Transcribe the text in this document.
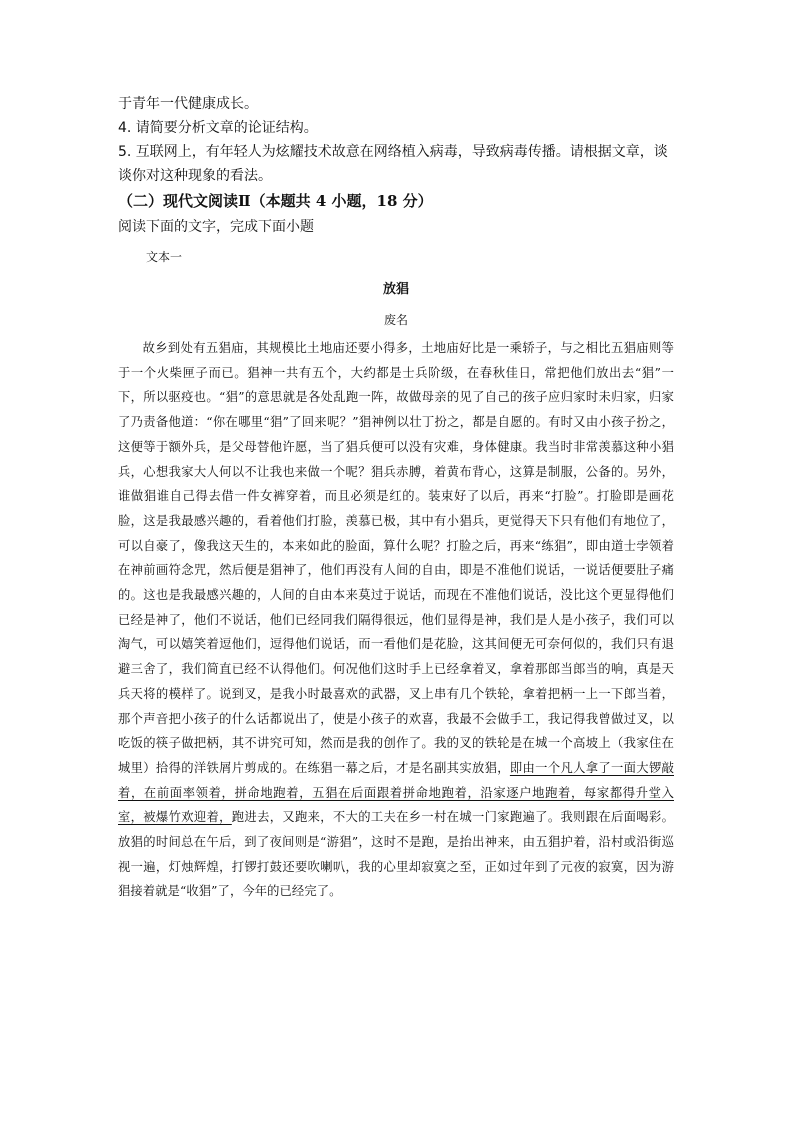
于青年一代健康成长。

4. 请简要分析文章的论证结构。

5. 互联网上，有年轻人为炫耀技术故意在网络植入病毒，导致病毒传播。请根据文章，谈谈你对这种现象的看法。

（二）现代文阅读Ⅱ（本题共 4 小题，18 分）

阅读下面的文字，完成下面小题

文本一

放猖

废名

故乡到处有五猖庙，其规模比土地庙还要小得多，土地庙好比是一乘轿子，与之相比五猖庙则等于一个火柴匣子而已。猖神一共有五个，大约都是士兵阶级，在春秋佳日，常把他们放出去“猖”一下，所以驱疫也。“猖”的意思就是各处乱跑一阵，故做母亲的见了自己的孩子应归家时未归家，归家了乃责备他道：“你在哪里“猖”了回来呢？”猖神例以壮丁扮之，都是自愿的。有时又由小孩子扮之，这便等于额外兵，是父母替他许愿，当了猖兵便可以没有灾难，身体健康。我当时非常羡慕这种小猖兵，心想我家大人何以不让我也来做一个呢？猖兵赤膊，着黄布背心，这算是制服，公备的。另外，谁做猖谁自己得去借一件女裤穿着，而且必须是红的。装束好了以后，再来“打脸”。打脸即是画花脸，这是我最感兴趣的，看着他们打脸，羡慕已极，其中有小猖兵，更觉得天下只有他们有地位了，可以自豪了，像我这天生的，本来如此的脸面，算什么呢？打脸之后，再来“练猖”，即由道士孛领着在神前画符念咒，然后便是猖神了，他们再没有人间的自由，即是不准他们说话，一说话便要肚子痛的。这也是我最感兴趣的，人间的自由本来莫过于说话，而现在不准他们说话，没比这个更显得他们已经是神了，他们不说话，他们已经同我们隔得很远，他们显得是神，我们是人是小孩子，我们可以淘气，可以嬉笑着逗他们，逗得他们说话，而一看他们是花脸，这其间便无可奈何似的，我们只有退避三舍了，我们简直已经不认得他们。何况他们这时手上已经拿着叉，拿着那郎当郎当的响，真是天兵天将的模样了。说到叉，是我小时最喜欢的武器，叉上串有几个铁轮，拿着把柄一上一下郎当着，那个声音把小孩子的什么话都说出了，使是小孩子的欢喜，我最不会做手工，我记得我曾做过叉，以吃饭的筷子做把柄，其不讲究可知，然而是我的创作了。我的叉的铁轮是在城一个高坡上（我家住在城里）拾得的洋铁屑片剪成的。在练猖一幕之后，才是名副其实放猖，即由一个凡人拿了一面大锣敲着，在前面率领着，拼命地跑着，五猖在后面跟着拼命地跑着，沿家逐户地跑着，每家都得升堂入室，被爆竹欢迎着，跑进去，又跑来，不大的工夫在乡一村在城一门家跑遍了。我则跟在后面喝彩。放猖的时间总在午后，到了夜间则是“游猖”，这时不是跑，是抬出神来，由五猖护着，沿村或沿街巡视一遍，灯烛辉煌，打锣打鼓还要吹喇叭，我的心里却寂寞之至，正如过年到了元夜的寂寞，因为游猖接着就是“收猖”了，今年的已经完了。
